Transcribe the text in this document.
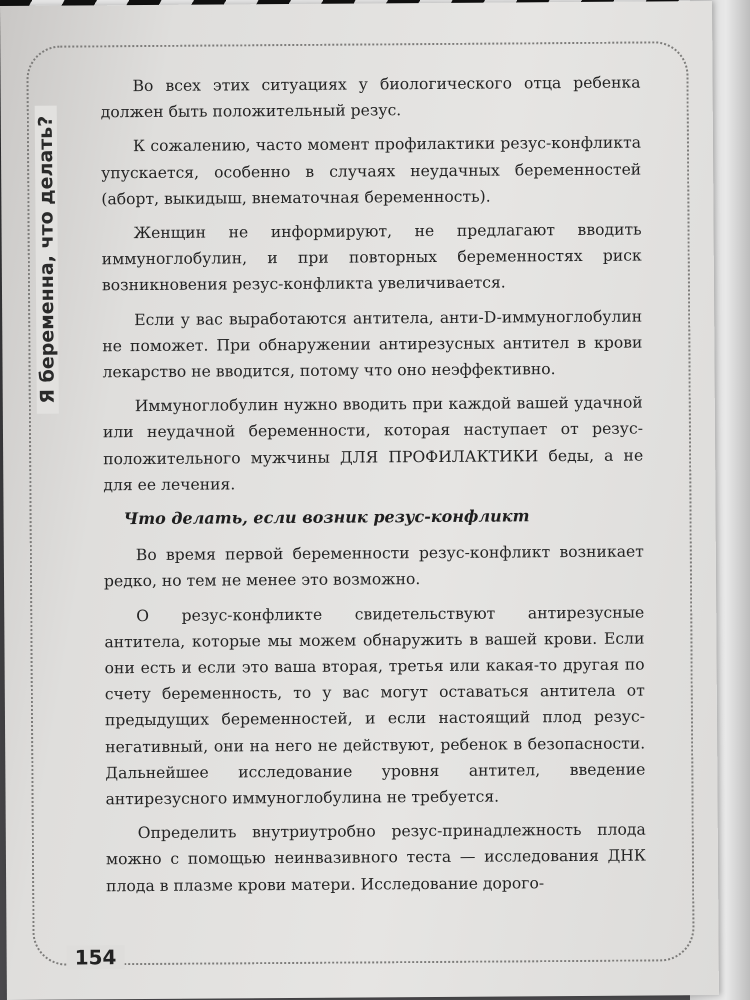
Я беременна, что делать?

Во всех этих ситуациях у биологического отца ребенка должен быть положительный резус.

К сожалению, часто момент профилактики резус-конфликта упускается, особенно в случаях неудачных беременностей (аборт, выкидыш, внематочная беременность).

Женщин не информируют, не предлагают вводить иммуноглобулин, и при повторных беременностях риск возникновения резус-конфликта увеличивается.

Если у вас выработаются антитела, анти-D-иммуноглобулин не поможет. При обнаружении антирезусных антител в крови лекарство не вводится, потому что оно неэффективно.

Иммуноглобулин нужно вводить при каждой вашей удачной или неудачной беременности, которая наступает от резус-положительного мужчины ДЛЯ ПРОФИЛАКТИКИ беды, а не для ее лечения.

Что делать, если возник резус-конфликт

Во время первой беременности резус-конфликт возникает редко, но тем не менее это возможно.

О резус-конфликте свидетельствуют антирезусные антитела, которые мы можем обнаружить в вашей крови. Если они есть и если это ваша вторая, третья или какая-то другая по счету беременность, то у вас могут оставаться антитела от предыдущих беременностей, и если настоящий плод резус-негативный, они на него не действуют, ребенок в безопасности. Дальнейшее исследование уровня антител, введение антирезусного иммуноглобулина не требуется.

Определить внутриутробно резус-принадлежность плода можно с помощью неинвазивного теста — исследования ДНК плода в плазме крови матери. Исследование дорого-

154
